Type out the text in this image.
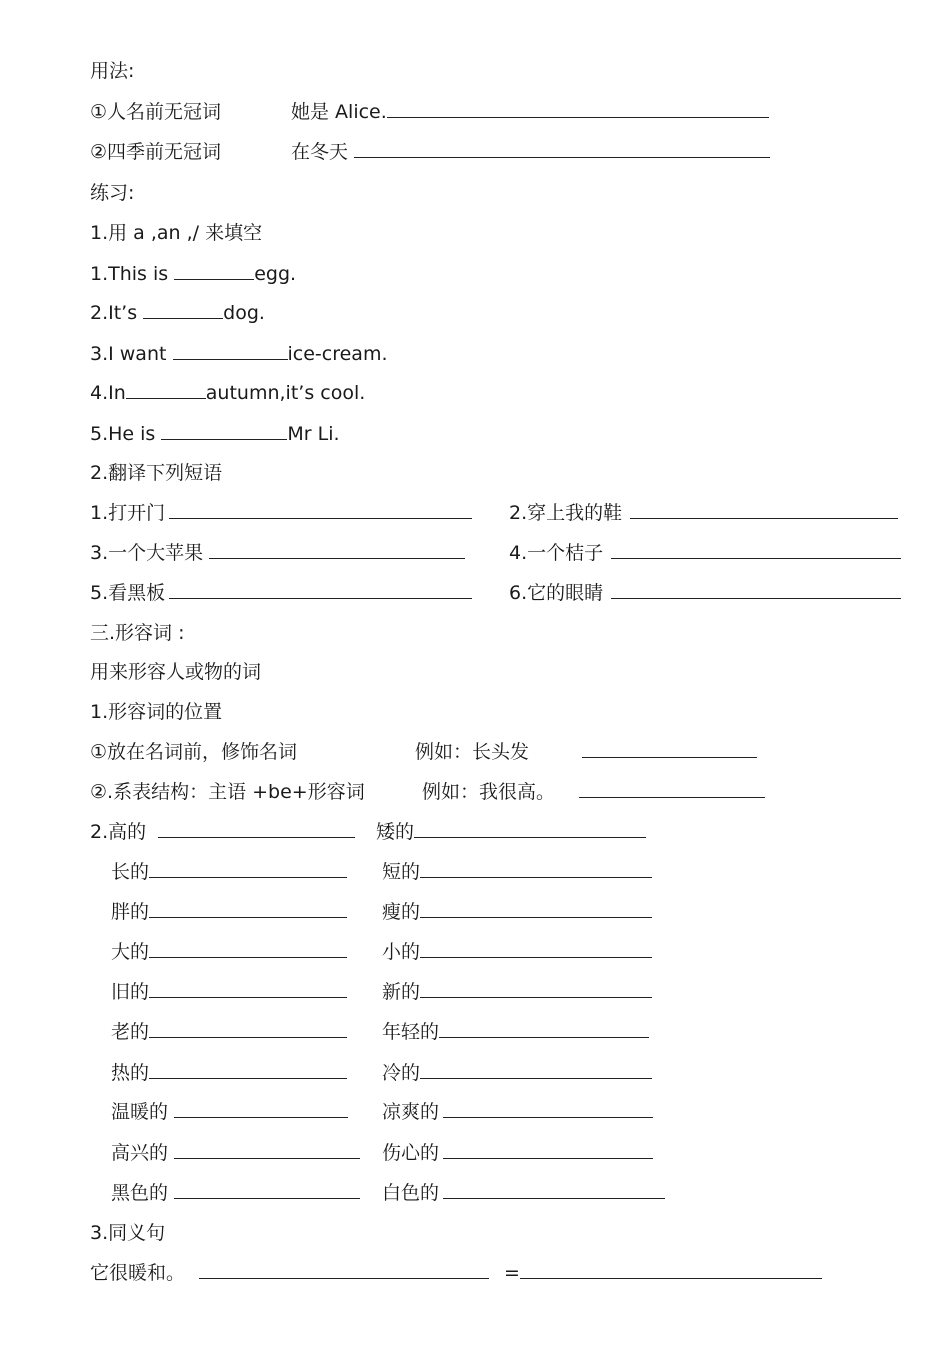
用法:
①人名前无冠词	她是 Alice.
②四季前无冠词	在冬天
练习:
1.用 a ,an ,/ 来填空
1.This is	egg.
2.It’s	dog.
3.I want	ice-cream.
4.In	autumn,it’s cool.
5.He is	Mr Li.
2.翻译下列短语
1.打开门	2.穿上我的鞋
3.一个大苹果	4.一个桔子
5.看黑板	6.它的眼睛
三.形容词 :
用来形容人或物的词
1.形容词的位置
①放在名词前，修饰名词	例如：长头发
②.系表结构：主语 +be+形容词	例如：我很高。
2.高的	矮的
长的	短的
胖的	瘦的
大的	小的
旧的	新的
老的	年轻的
热的	冷的
温暖的	凉爽的
高兴的	伤心的
黑色的	白色的
3.同义句
它很暖和。	=
